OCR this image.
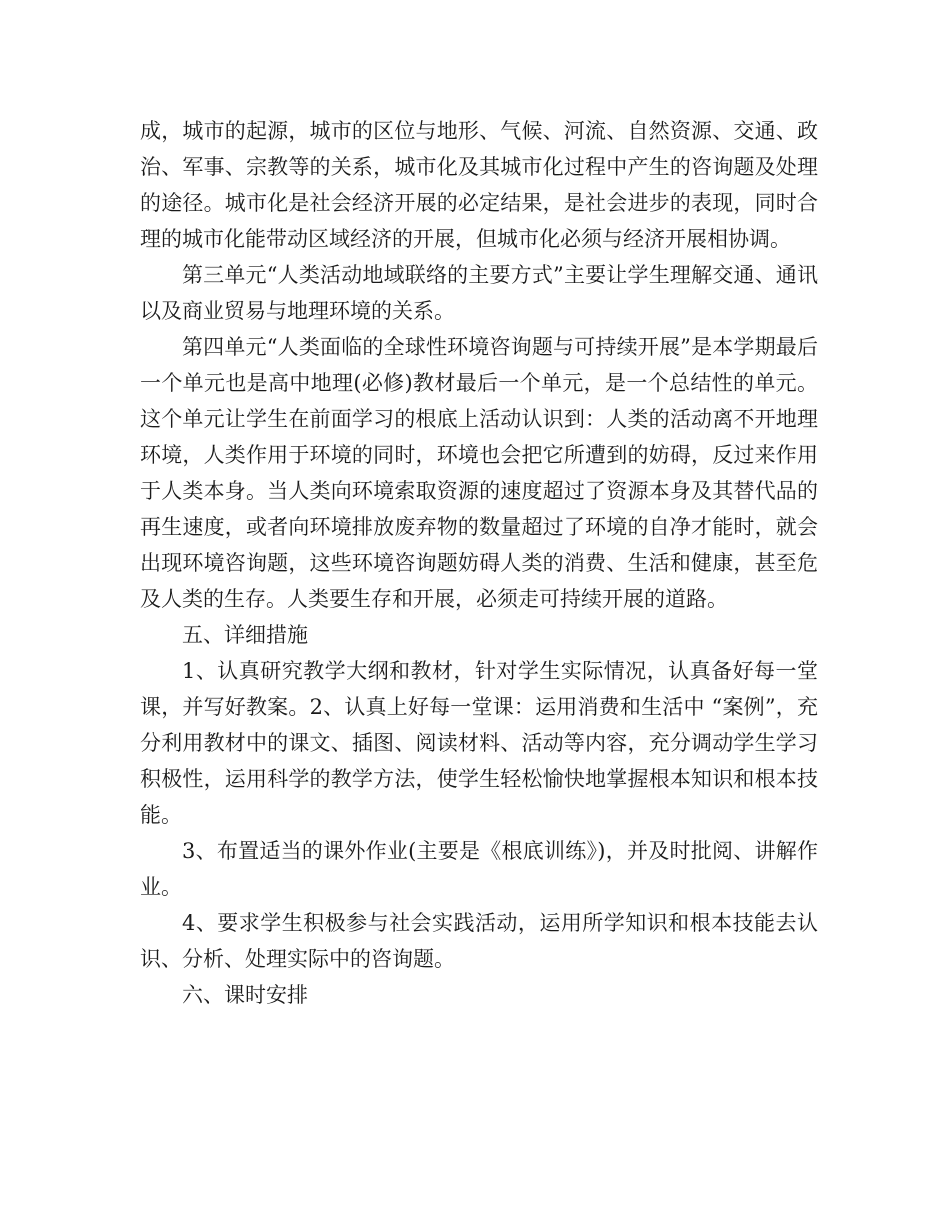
成，城市的起源，城市的区位与地形、气候、河流、自然资源、交通、政治、军事、宗教等的关系，城市化及其城市化过程中产生的咨询题及处理的途径。城市化是社会经济开展的必定结果，是社会进步的表现，同时合理的城市化能带动区域经济的开展，但城市化必须与经济开展相协调。

第三单元“人类活动地域联络的主要方式”主要让学生理解交通、通讯以及商业贸易与地理环境的关系。

第四单元“人类面临的全球性环境咨询题与可持续开展”是本学期最后一个单元也是高中地理(必修)教材最后一个单元，是一个总结性的单元。这个单元让学生在前面学习的根底上活动认识到：人类的活动离不开地理环境，人类作用于环境的同时，环境也会把它所遭到的妨碍，反过来作用于人类本身。当人类向环境索取资源的速度超过了资源本身及其替代品的再生速度，或者向环境排放废弃物的数量超过了环境的自净才能时，就会出现环境咨询题，这些环境咨询题妨碍人类的消费、生活和健康，甚至危及人类的生存。人类要生存和开展，必须走可持续开展的道路。

五、详细措施

1、认真研究教学大纲和教材，针对学生实际情况，认真备好每一堂课，并写好教案。2、认真上好每一堂课：运用消费和生活中 “案例”，充分利用教材中的课文、插图、阅读材料、活动等内容，充分调动学生学习积极性，运用科学的教学方法，使学生轻松愉快地掌握根本知识和根本技能。

3、布置适当的课外作业(主要是《根底训练》)，并及时批阅、讲解作业。

4、要求学生积极参与社会实践活动，运用所学知识和根本技能去认识、分析、处理实际中的咨询题。

六、课时安排
